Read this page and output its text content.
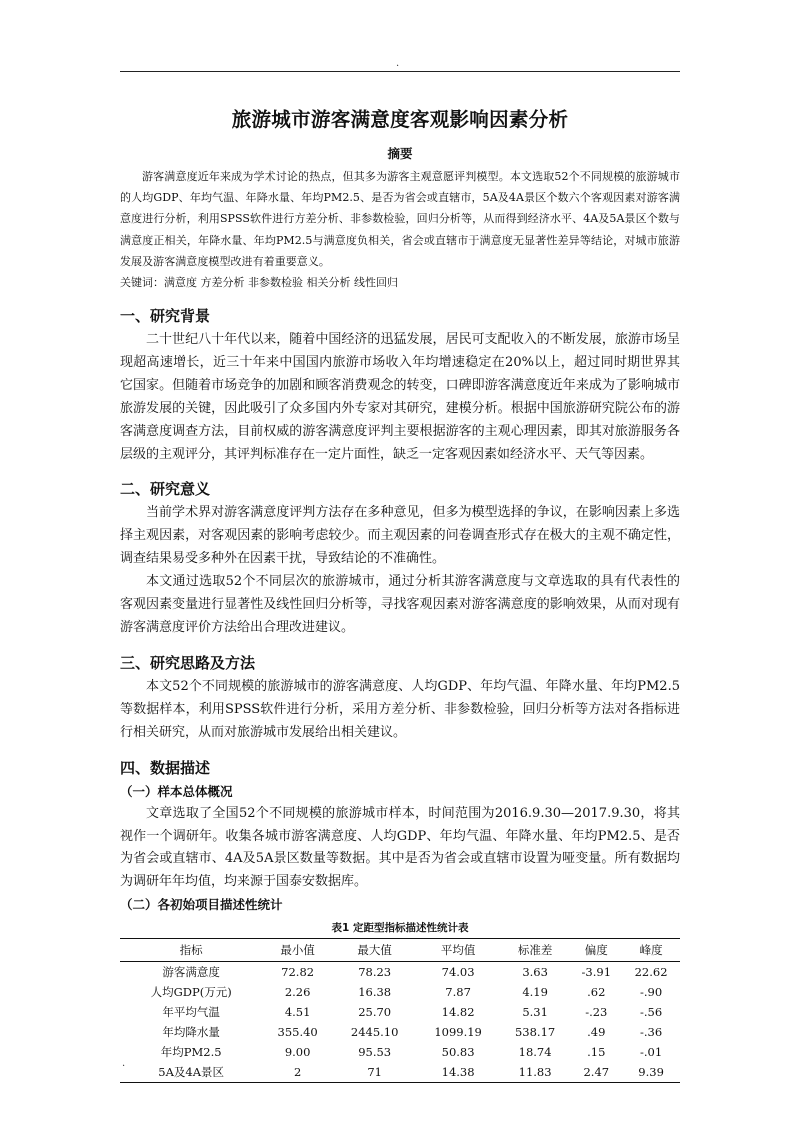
.
旅游城市游客满意度客观影响因素分析
摘要

游客满意度近年来成为学术讨论的热点，但其多为游客主观意愿评判模型。本文选取52个不同规模的旅游城市的人均GDP、年均气温、年降水量、年均PM2.5、是否为省会或直辖市，5A及4A景区个数六个客观因素对游客满意度进行分析，利用SPSS软件进行方差分析、非参数检验，回归分析等，从而得到经济水平、4A及5A景区个数与满意度正相关，年降水量、年均PM2.5与满意度负相关，省会或直辖市于满意度无显著性差异等结论，对城市旅游发展及游客满意度模型改进有着重要意义。

关键词：满意度 方差分析 非参数检验 相关分析 线性回归
一、研究背景

二十世纪八十年代以来，随着中国经济的迅猛发展，居民可支配收入的不断发展，旅游市场呈现超高速增长，近三十年来中国国内旅游市场收入年均增速稳定在20%以上，超过同时期世界其它国家。但随着市场竞争的加剧和顾客消费观念的转变，口碑即游客满意度近年来成为了影响城市旅游发展的关键，因此吸引了众多国内外专家对其研究，建模分析。根据中国旅游研究院公布的游客满意度调查方法，目前权威的游客满意度评判主要根据游客的主观心理因素，即其对旅游服务各层级的主观评分，其评判标准存在一定片面性，缺乏一定客观因素如经济水平、天气等因素。

二、研究意义

当前学术界对游客满意度评判方法存在多种意见，但多为模型选择的争议，在影响因素上多选择主观因素，对客观因素的影响考虑较少。而主观因素的问卷调查形式存在极大的主观不确定性，调查结果易受多种外在因素干扰，导致结论的不准确性。

本文通过选取52个不同层次的旅游城市，通过分析其游客满意度与文章选取的具有代表性的客观因素变量进行显著性及线性回归分析等，寻找客观因素对游客满意度的影响效果，从而对现有游客满意度评价方法给出合理改进建议。

三、研究思路及方法

本文52个不同规模的旅游城市的游客满意度、人均GDP、年均气温、年降水量、年均PM2.5等数据样本，利用SPSS软件进行分析，采用方差分析、非参数检验，回归分析等方法对各指标进行相关研究，从而对旅游城市发展给出相关建议。

四、数据描述
（一）样本总体概况

文章选取了全国52个不同规模的旅游城市样本，时间范围为2016.9.30—2017.9.30，将其视作一个调研年。收集各城市游客满意度、人均GDP、年均气温、年降水量、年均PM2.5、是否为省会或直辖市、4A及5A景区数量等数据。其中是否为省会或直辖市设置为哑变量。所有数据均为调研年年均值，均来源于国泰安数据库。

（二）各初始项目描述性统计
表1 定距型指标描述性统计表
指标	最小值	最大值	平均值	标准差	偏度	峰度
游客满意度	72.82	78.23	74.03	3.63	-3.91	22.62
人均GDP(万元)	2.26	16.38	7.87	4.19	.62	-.90
年平均气温	4.51	25.70	14.82	5.31	-.23	-.56
年均降水量	355.40	2445.10	1099.19	538.17	.49	-.36
年均PM2.5	9.00	95.53	50.83	18.74	.15	-.01
5A及4A景区	2	71	14.38	11.83	2.47	9.39
.
